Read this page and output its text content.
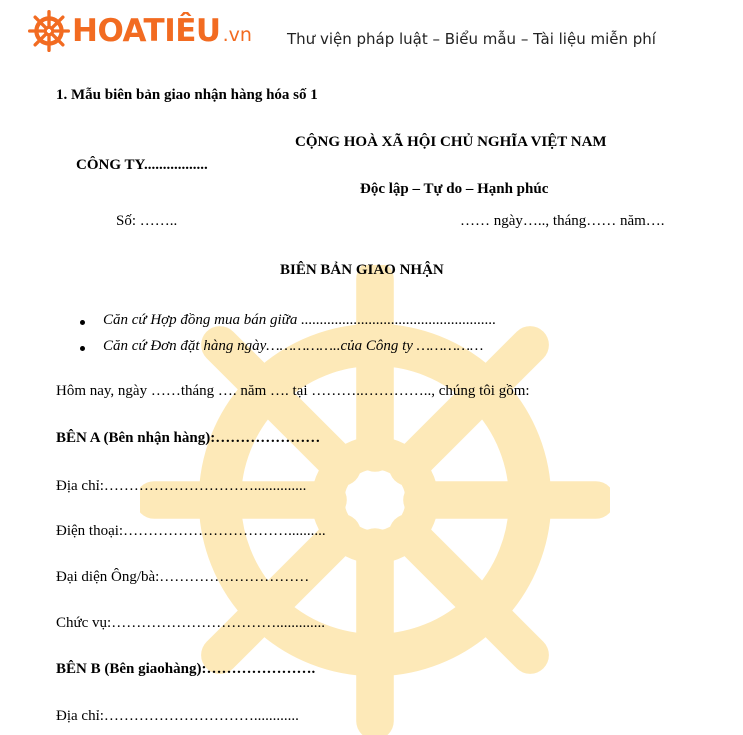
HOATIÊU .vn Thư viện pháp luật – Biểu mẫu – Tài liệu miễn phí
1. Mẫu biên bản giao nhận hàng hóa số 1
CỘNG HOÀ XÃ HỘI CHỦ NGHĨA VIỆT NAM
CÔNG TY.................
Độc lập – Tự do – Hạnh phúc
Số: ……..	…… ngày….., tháng…… năm….
BIÊN BẢN GIAO NHẬN
Căn cứ Hợp đồng mua bán giữa ....................................................
Căn cứ Đơn đặt hàng ngày……………..của Công ty ……………
Hôm nay, ngày ……tháng …. năm …. tại ………..………….., chúng tôi gồm:
BÊN A (Bên nhận hàng):…………………
Địa chỉ:…………………………..............
Điện thoại:……………………………..........
Đại diện Ông/bà:…………………………
Chức vụ:…………………………….............
BÊN B (Bên giaohàng):………………….
Địa chỉ:…………………………............
